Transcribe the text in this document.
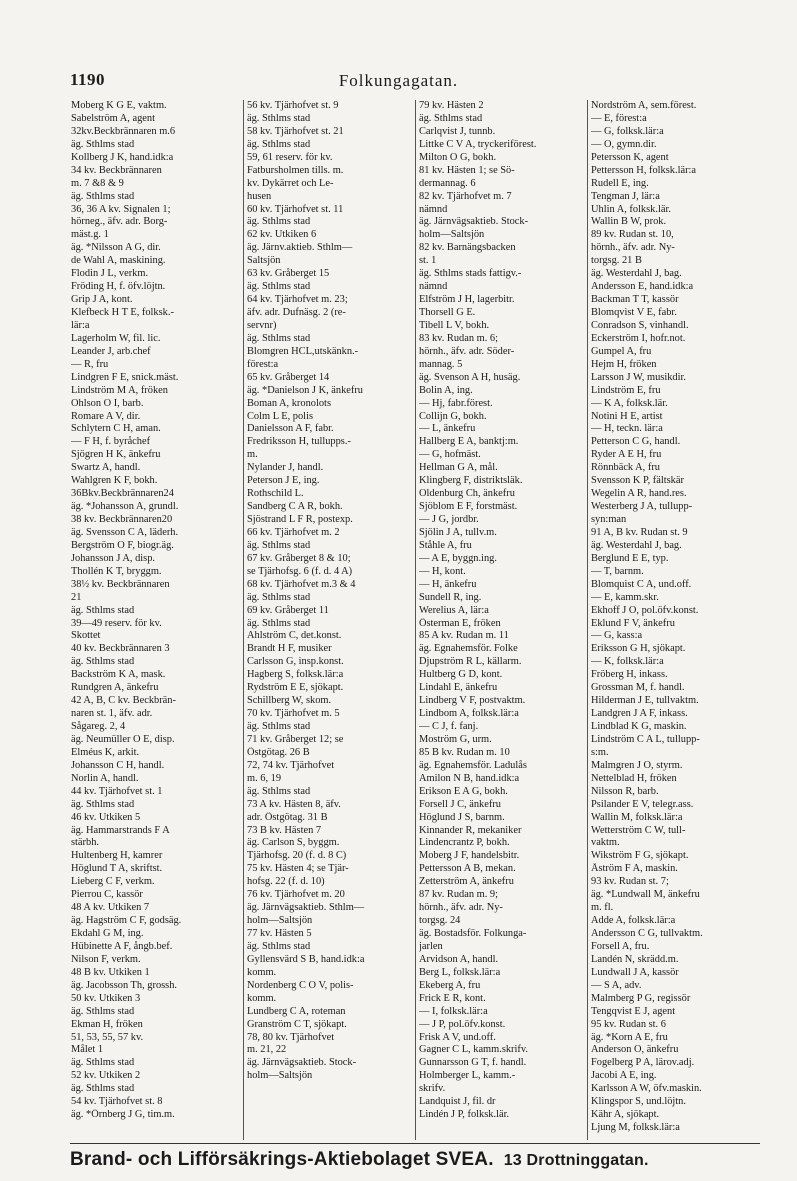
1190	Folkungagatan.
Moberg K G E, vaktm.
Sabelström A, agent
32kv.Beckbrännaren m.6
äg. Sthlms stad
Kollberg J K, hand.idk:a
34 kv. Beckbrännaren
m. 7 &8 & 9
äg. Sthlms stad
36, 36 A kv. Signalen 1;
hörneg., äfv. adr. Borg-
mäst.g. 1
äg. *Nilsson A G, dir.
de Wahl A, maskining.
Flodin J L, verkm.
Fröding H, f. öfv.löjtn.
Grip J A, kont.
Klefbeck H T E, folksk.-
lär:a
Lagerholm W, fil. lic.
Leander J, arb.chef
— R, fru
Lindgren F E, snick.mäst.
Lindström M A, fröken
Ohlson O I, barb.
Romare A V, dir.
Schlytern C H, aman.
— F H, f. byråchef
Sjögren H K, änkefru
Swartz A, handl.
Wahlgren K F, bokh.
36Bkv.Beckbrännaren24
äg. *Johansson A, grundl.
38 kv. Beckbrännaren20
äg. Svensson C A, läderh.
Bergström O F, biogr.äg.
Johansson J A, disp.
Thollén K T, bryggm.
38½ kv. Beckbrännaren
21
äg. Sthlms stad
39—49 reserv. för kv.
Skottet
40 kv. Beckbrännaren 3
äg. Sthlms stad
Backström K A, mask.
Rundgren A, änkefru
42 A, B, C kv. Beckbrän-
naren st. 1, äfv. adr.
Sågareg. 2, 4
äg. Neumüller O E, disp.
Elméus K, arkit.
Johansson C H, handl.
Norlin A, handl.
44 kv. Tjärhofvet st. 1
äg. Sthlms stad
46 kv. Utkiken 5
äg. Hammarstrands F A
stärbh.
Hultenberg H, kamrer
Höglund T A, skriftst.
Lieberg C F, verkm.
Pierrou C, kassör
48 A kv. Utkiken 7
äg. Hagström C F, godsäg.
Ekdahl G M, ing.
Hübinette A F, ångb.bef.
Nilson F, verkm.
48 B kv. Utkiken 1
äg. Jacobsson Th, grossh.
50 kv. Utkiken 3
äg. Sthlms stad
Ekman H, fröken
51, 53, 55, 57 kv.
Målet 1
äg. Sthlms stad
52 kv. Utkiken 2
äg. Sthlms stad
54 kv. Tjärhofvet st. 8
äg. *Örnberg J G, tim.m.
56 kv. Tjärhofvet st. 9
äg. Sthlms stad
58 kv. Tjärhofvet st. 21
äg. Sthlms stad
59, 61 reserv. för kv.
Fatbursholmen tills. m.
kv. Dykärret och Le-
husen
60 kv. Tjärhofvet st. 11
äg. Sthlms stad
62 kv. Utkiken 6
äg. Järnv.aktieb. Sthlm—
Saltsjön
63 kv. Gråberget 15
äg. Sthlms stad
64 kv. Tjärhofvet m. 23;
äfv. adr. Dufnäsg. 2 (re-
servnr)
äg. Sthlms stad
Blomgren HCL,utskänkn.-
förest:a
65 kv. Gråberget 14
äg. *Danielson J K, änkefru
Boman A, kronolots
Colm L E, polis
Danielsson A F, fabr.
Fredriksson H, tullupps.-
m.
Nylander J, handl.
Peterson J E, ing.
Rothschild L.
Sandberg C A R, bokh.
Sjöstrand L F R, postexp.
66 kv. Tjärhofvet m. 2
äg. Sthlms stad
67 kv. Gråberget 8 & 10;
se Tjärhofsg. 6 (f. d. 4 A)
68 kv. Tjärhofvet m.3 & 4
äg. Sthlms stad
69 kv. Gråberget 11
äg. Sthlms stad
Ahlström C, det.konst.
Brandt H F, musiker
Carlsson G, insp.konst.
Hagberg S, folksk.lär:a
Rydström E E, sjökapt.
Schillberg W, skom.
70 kv. Tjärhofvet m. 5
äg. Sthlms stad
71 kv. Gråberget 12; se
Östgötag. 26 B
72, 74 kv. Tjärhofvet
m. 6, 19
äg. Sthlms stad
73 A kv. Hästen 8, äfv.
adr. Östgötag. 31 B
73 B kv. Hästen 7
äg. Carlson S, byggm.
Tjärhofsg. 20 (f. d. 8 C)
75 kv. Hästen 4; se Tjär-
hofsg. 22 (f. d. 10)
76 kv. Tjärhofvet m. 20
äg. Järnvägsaktieb. Sthlm—
holm—Saltsjön
77 kv. Hästen 5
äg. Sthlms stad
Gyllensvärd S B, hand.idk:a
komm.
Nordenberg C O V, polis-
komm.
Lundberg C A, roteman
Granström C T, sjökapt.
78, 80 kv. Tjärhofvet
m. 21, 22
äg. Järnvägsaktieb. Stock-
holm—Saltsjön
79 kv. Hästen 2
äg. Sthlms stad
Carlqvist J, tunnb.
Littke C V A, tryckeriförest.
Milton O G, bokh.
81 kv. Hästen 1; se Sö-
dermannag. 6
82 kv. Tjärhofvet m. 7
nämnd
äg. Järnvägsaktieb. Stock-
holm—Saltsjön
82 kv. Barnängsbacken
st. 1
äg. Sthlms stads fattigv.-
nämnd
Elfström J H, lagerbitr.
Thorsell G E.
Tibell L V, bokh.
83 kv. Rudan m. 6;
hörnh., äfv. adr. Söder-
mannag. 5
äg. Svenson A H, husäg.
Bolin A, ing.
— Hj, fabr.förest.
Collijn G, bokh.
— L, änkefru
Hallberg E A, banktj:m.
— G, hofmäst.
Hellman G A, mål.
Klingberg F, distriktsläk.
Oldenburg Ch, änkefru
Sjöblom E F, forstmäst.
— J G, jordbr.
Sjölin J A, tullv.m.
Ståhle A, fru
— A E, byggn.ing.
— H, kont.
— H, änkefru
Sundell R, ing.
Werelius A, lär:a
Österman E, fröken
85 A kv. Rudan m. 11
äg. Egnahemsför. Folke
Djupström R L, källarm.
Hultberg G D, kont.
Lindahl E, änkefru
Lindberg V F, postvaktm.
Lindbom A, folksk.lär:a
— C J, f. fanj.
Moström G, urm.
85 B kv. Rudan m. 10
äg. Egnahemsför. Ladulås
Amilon N B, hand.idk:a
Erikson E A G, bokh.
Forsell J C, änkefru
Höglund J S, barnm.
Kinnander R, mekaniker
Lindencrantz P, bokh.
Moberg J F, handelsbitr.
Pettersson A B, mekan.
Zetterström A, änkefru
87 kv. Rudan m. 9;
hörnh., äfv. adr. Ny-
torgsg. 24
äg. Bostadsför. Folkunga-
jarlen
Arvidson A, handl.
Berg L, folksk.lär:a
Ekeberg A, fru
Frick E R, kont.
— I, folksk.lär:a
— J P, pol.öfv.konst.
Frisk A V, und.off.
Gagner C L, kamm.skrifv.
Gunnarsson G T, f. handl.
Holmberger L, kamm.-
skrifv.
Landquist J, fil. dr
Lindén J P, folksk.lär.
Nordström A, sem.förest.
— E, förest:a
— G, folksk.lär:a
— O, gymn.dir.
Petersson K, agent
Pettersson H, folksk.lär:a
Rudell E, ing.
Tengman J, lär:a
Uhlin A, folksk.lär.
Wallin B W, prok.
89 kv. Rudan st. 10,
hörnh., äfv. adr. Ny-
torgsg. 21 B
äg. Westerdahl J, bag.
Andersson E, hand.idk:a
Backman T T, kassör
Blomqvist V E, fabr.
Conradson S, vinhandl.
Eckerström I, hofr.not.
Gumpel A, fru
Hejm H, fröken
Larsson J W, musikdir.
Lindström E, fru
— K A, folksk.lär.
Notini H E, artist
— H, teckn. lär:a
Petterson C G, handl.
Ryder A E H, fru
Rönnbäck A, fru
Svensson K P, fältskär
Wegelin A R, hand.res.
Westerberg J A, tullupp-
syn:man
91 A, B kv. Rudan st. 9
äg. Westerdahl J, bag.
Berglund E E, typ.
— T, barnm.
Blomquist C A, und.off.
— E, kamm.skr.
Ekhoff J O, pol.öfv.konst.
Eklund F V, änkefru
— G, kass:a
Eriksson G H, sjökapt.
— K, folksk.lär:a
Fröberg H, inkass.
Grossman M, f. handl.
Hilderman J E, tullvaktm.
Landgren J A F, inkass.
Lindblad K G, maskin.
Lindström C A L, tullupp-
s:m.
Malmgren J O, styrm.
Nettelblad H, fröken
Nilsson R, barb.
Psilander E V, telegr.ass.
Wallin M, folksk.lär:a
Wetterström C W, tull-
vaktm.
Wikström F G, sjökapt.
Åström F A, maskin.
93 kv. Rudan st. 7;
äg. *Lundwall M, änkefru
m. fl.
Adde A, folksk.lär:a
Andersson C G, tullvaktm.
Forsell A, fru.
Landén N, skrädd.m.
Lundwall J A, kassör
— S A, adv.
Malmberg P G, regissör
Tengqvist E J, agent
95 kv. Rudan st. 6
äg. *Korn A E, fru
Anderson O, änkefru
Fogelberg P A, lärov.adj.
Jacobi A E, ing.
Karlsson A W, öfv.maskin.
Klingspor S, und.löjtn.
Kähr A, sjökapt.
Ljung M, folksk.lär:a
Brand- och Lifförsäkrings-Aktiebolaget SVEA. 13 Drottninggatan.
